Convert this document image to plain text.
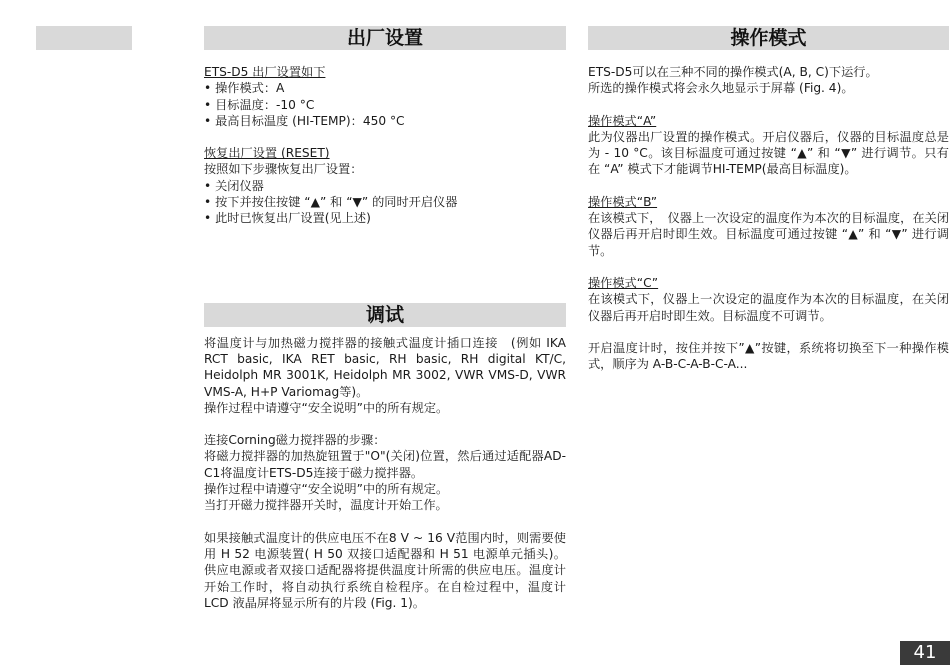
出厂设置

ETS-D5 出厂设置如下

• 操作模式：A
• 目标温度：-10 °C
• 最高目标温度 (HI-TEMP)：450 °C

恢复出厂设置 (RESET)

按照如下步骤恢复出厂设置：

• 关闭仪器
• 按下并按住按键 “▲” 和 “▼” 的同时开启仪器
• 此时已恢复出厂设置(见上述)
调试

将温度计与加热磁力搅拌器的接触式温度计插口连接　(例如 IKA RCT basic, IKA RET basic, RH basic, RH digital KT/C, Heidolph MR 3001K, Heidolph MR 3002, VWR VMS-D, VWR VMS-A, H+P Variomag等)。

操作过程中请遵守“安全说明”中的所有规定。

连接Corning磁力搅拌器的步骤：

将磁力搅拌器的加热旋钮置于"O"(关闭)位置，然后通过适配器AD-C1将温度计ETS-D5连接于磁力搅拌器。

操作过程中请遵守“安全说明”中的所有规定。

当打开磁力搅拌器开关时，温度计开始工作。

如果接触式温度计的供应电压不在8 V ~ 16 V范围内时，则需要使用 H 52 电源装置( H 50 双接口适配器和 H 51 电源单元插头)。 供应电源或者双接口适配器将提供温度计所需的供应电压。温度计开始工作时，将自动执行系统自检程序。在自检过程中，温度计LCD 液晶屏将显示所有的片段 (Fig. 1)。

操作模式

ETS-D5可以在三种不同的操作模式(A, B, C)下运行。

所选的操作模式将会永久地显示于屏幕 (Fig. 4)。

操作模式“A”

此为仪器出厂设置的操作模式。开启仪器后，仪器的目标温度总是为 - 10 °C。该目标温度可通过按键 “▲” 和 “▼” 进行调节。只有在 “A” 模式下才能调节HI-TEMP(最高目标温度)。

操作模式“B”

在该模式下，　仪器上一次设定的温度作为本次的目标温度，在关闭仪器后再开启时即生效。目标温度可通过按键 “▲” 和 “▼” 进行调节。

操作模式“C”

在该模式下，仪器上一次设定的温度作为本次的目标温度，在关闭仪器后再开启时即生效。目标温度不可调节。

开启温度计时，按住并按下”▲”按键，系统将切换至下一种操作模式，顺序为 A-B-C-A-B-C-A...

41
